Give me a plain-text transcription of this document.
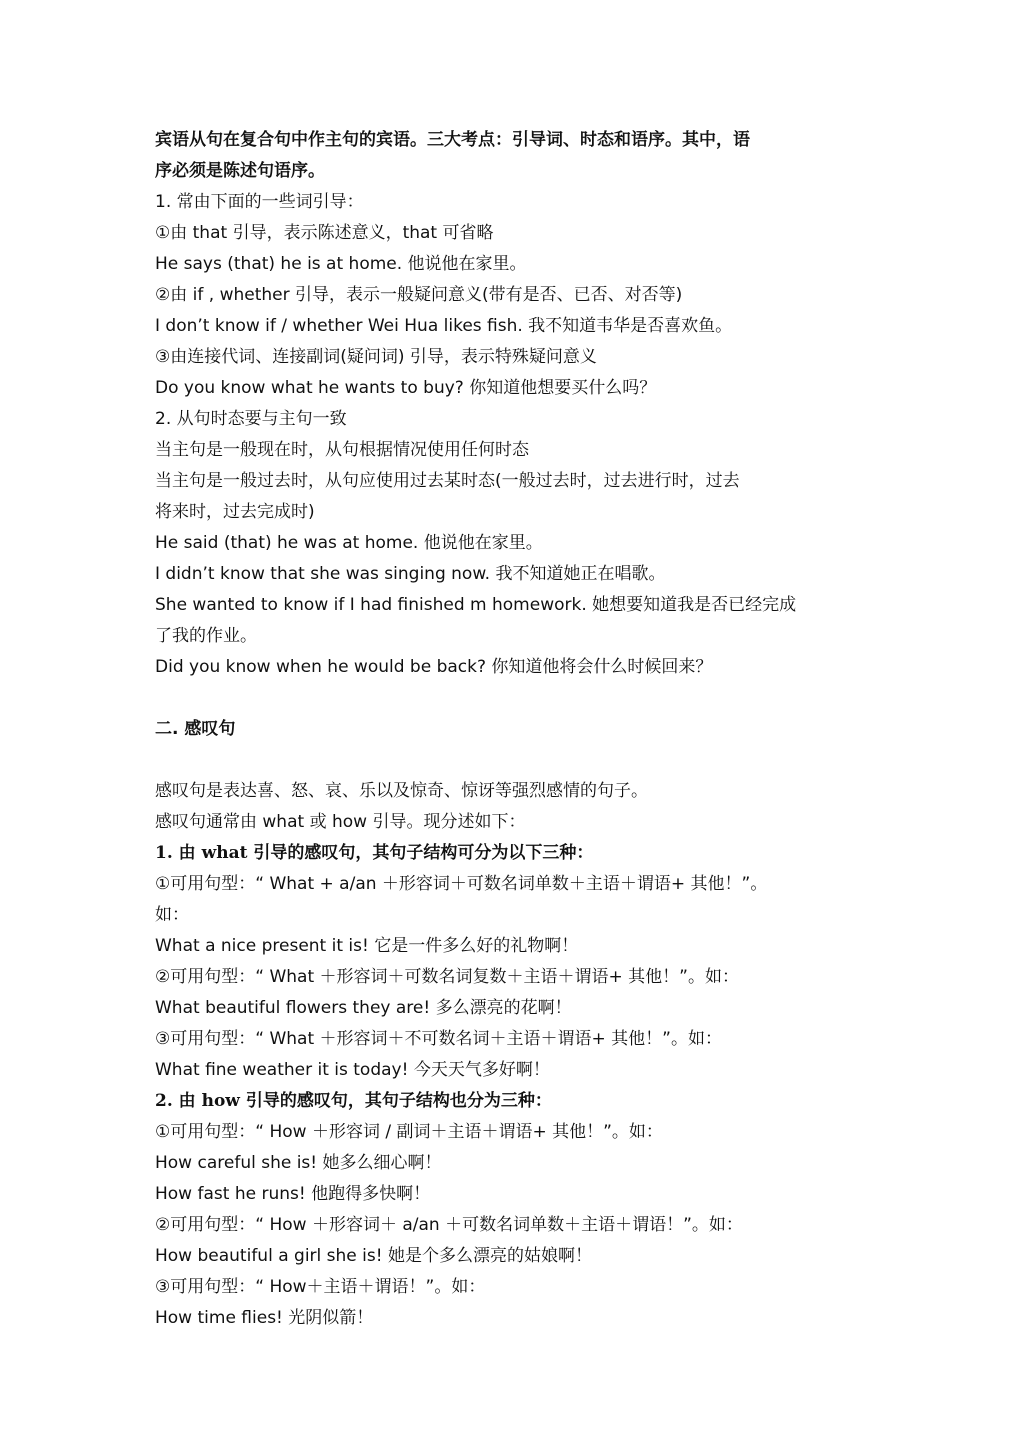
宾语从句在复合句中作主句的宾语。三大考点：引导词、时态和语序。其中，语
序必须是陈述句语序。
1. 常由下面的一些词引导：
①由 that 引导，表示陈述意义，that 可省略
He says (that) he is at home. 他说他在家里。
②由 if , whether 引导，表示一般疑问意义(带有是否、已否、对否等)
I don’t know if / whether Wei Hua likes fish. 我不知道韦华是否喜欢鱼。
③由连接代词、连接副词(疑问词) 引导，表示特殊疑问意义
Do you know what he wants to buy? 你知道他想要买什么吗？
2. 从句时态要与主句一致
当主句是一般现在时，从句根据情况使用任何时态
当主句是一般过去时，从句应使用过去某时态(一般过去时，过去进行时，过去
将来时，过去完成时)
He said (that) he was at home. 他说他在家里。
I didn’t know that she was singing now. 我不知道她正在唱歌。
She wanted to know if I had finished m homework. 她想要知道我是否已经完成
了我的作业。
Did you know when he would be back? 你知道他将会什么时候回来？
二. 感叹句
感叹句是表达喜、怒、哀、乐以及惊奇、惊讶等强烈感情的句子。
感叹句通常由 what 或 how 引导。现分述如下：
1. 由 what 引导的感叹句，其句子结构可分为以下三种：
①可用句型：“ What + a/an ＋形容词＋可数名词单数＋主语＋谓语+ 其他！”。
如：
What a nice present it is! 它是一件多么好的礼物啊！
②可用句型：“ What ＋形容词＋可数名词复数＋主语＋谓语+ 其他！”。如：
What beautiful flowers they are! 多么漂亮的花啊！
③可用句型：“ What ＋形容词＋不可数名词＋主语＋谓语+ 其他！”。如：
What fine weather it is today! 今天天气多好啊！
2. 由 how 引导的感叹句，其句子结构也分为三种：
①可用句型：“ How ＋形容词 / 副词＋主语＋谓语+ 其他！”。如：
How careful she is! 她多么细心啊！
How fast he runs! 他跑得多快啊！
②可用句型：“ How ＋形容词＋ a/an ＋可数名词单数＋主语＋谓语！”。如：
How beautiful a girl she is! 她是个多么漂亮的姑娘啊！
③可用句型：“ How＋主语＋谓语！”。如：
How time flies! 光阴似箭！
